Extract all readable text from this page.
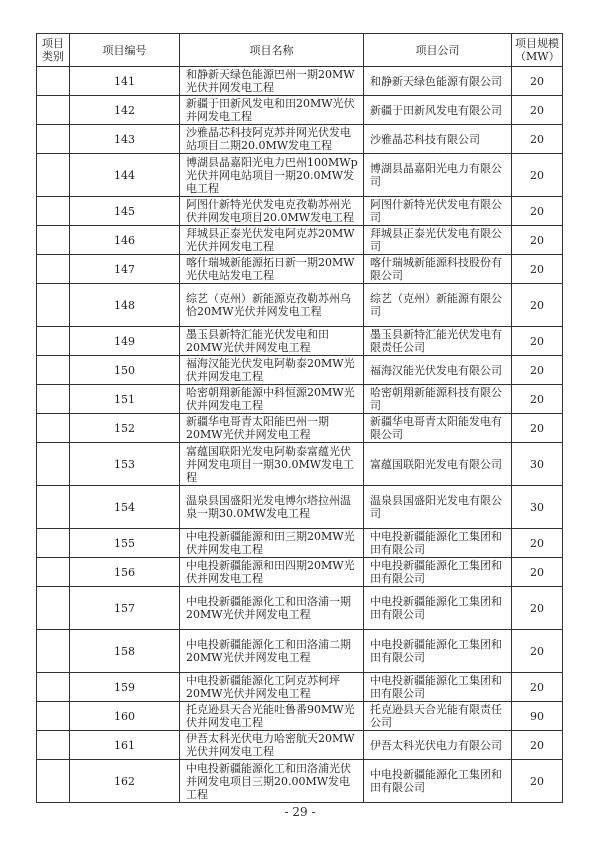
项目类别	项目编号	项目名称	项目公司	项目规模（MW）
	141	和静新天绿色能源巴州一期20MW光伏并网发电工程	和静新天绿色能源有限公司	20
	142	新疆于田新风发电和田20MW光伏并网发电工程	新疆于田新风发电有限公司	20
	143	沙雅晶芯科技阿克苏并网光伏发电站项目二期20.0MW发电工程	沙雅晶芯科技有限公司	20
	144	博湖县晶嘉阳光电力巴州100MWp光伏并网电站项目一期20.0MW发电工程	博湖县晶嘉阳光电力有限公司	20
	145	阿图什新特光伏发电克孜勒苏州光伏并网发电项目20.0MW发电工程	阿图什新特光伏发电有限公司	20
	146	拜城县正泰光伏发电阿克苏20MW光伏并网发电工程	拜城县正泰光伏发电有限公司	20
	147	喀什瑞城新能源拓日新一期20MW光伏电站发电工程	喀什瑞城新能源科技股份有限公司	20
	148	综艺（克州）新能源克孜勒苏州乌恰20MW光伏并网发电工程	综艺（克州）新能源有限公司	20
	149	墨玉县新特汇能光伏发电和田20MW光伏并网发电工程	墨玉县新特汇能光伏发电有限责任公司	20
	150	福海汉能光伏发电阿勒泰20MW光伏并网发电工程	福海汉能光伏发电有限公司	20
	151	哈密朝翔新能源中科恒源20MW光伏并网发电工程	哈密朝翔新能源科技有限公司	20
	152	新疆华电哥青太阳能巴州一期20MW光伏并网发电工程	新疆华电哥青太阳能发电有限公司	20
	153	富蕴国联阳光发电阿勒泰富蕴光伏并网发电项目一期30.0MW发电工程	富蕴国联阳光发电有限公司	30
	154	温泉县国盛阳光发电博尔塔拉州温泉一期30.0MW发电工程	温泉县国盛阳光发电有限公司	30
	155	中电投新疆能源和田三期20MW光伏并网发电工程	中电投新疆能源化工集团和田有限公司	20
	156	中电投新疆能源和田四期20MW光伏并网发电工程	中电投新疆能源化工集团和田有限公司	20
	157	中电投新疆能源化工和田洛浦一期20MW光伏并网发电工程	中电投新疆能源化工集团和田有限公司	20
	158	中电投新疆能源化工和田洛浦二期20MW光伏并网发电工程	中电投新疆能源化工集团和田有限公司	20
	159	中电投新疆能源化工阿克苏柯坪20MW光伏并网发电工程	中电投新疆能源化工集团和田有限公司	20
	160	托克逊县天合光能吐鲁番90MW光伏并网发电工程	托克逊县天合光能有限责任公司	90
	161	伊吾太科光伏电力哈密航天20MW光伏并网发电工程	伊吾太科光伏电力有限公司	20
	162	中电投新疆能源化工和田洛浦光伏并网发电项目三期20.00MW发电工程	中电投新疆能源化工集团和田有限公司	20
- 29 -
